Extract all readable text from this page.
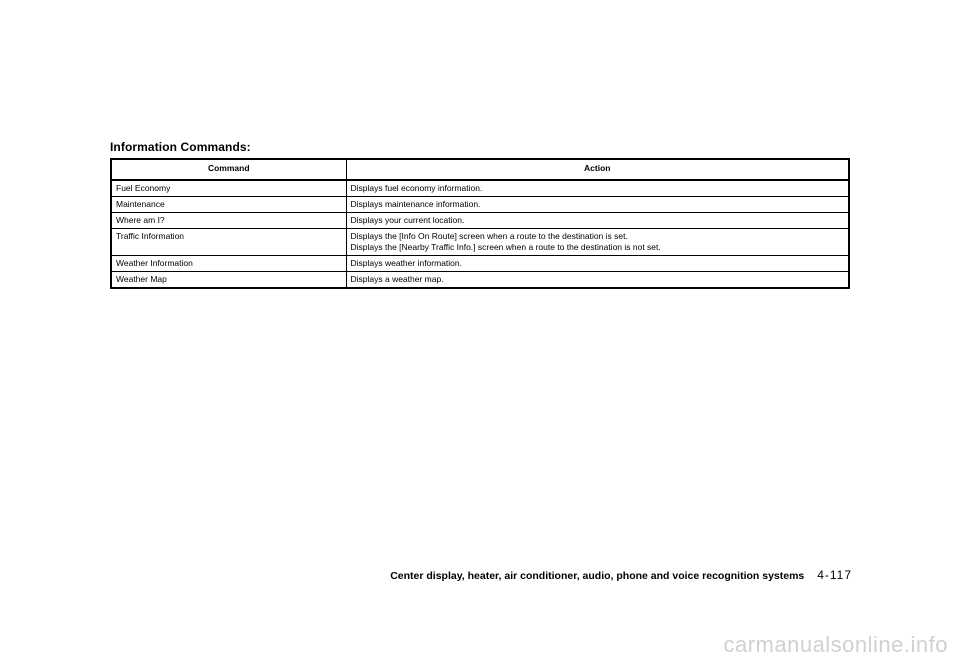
Information Commands:
Command	Action
Fuel Economy	Displays fuel economy information.

Maintenance	Displays maintenance information.

Where am I?	Displays your current location.

Traffic Information	Displays the [Info On Route] screen when a route to the destination is set.
Displays the [Nearby Traffic Info.] screen when a route to the destination is not set.

Weather Information	Displays weather information.

Weather Map	Displays a weather map.
Center display, heater, air conditioner, audio, phone and voice recognition systems 4-117
carmanualsonline.info
